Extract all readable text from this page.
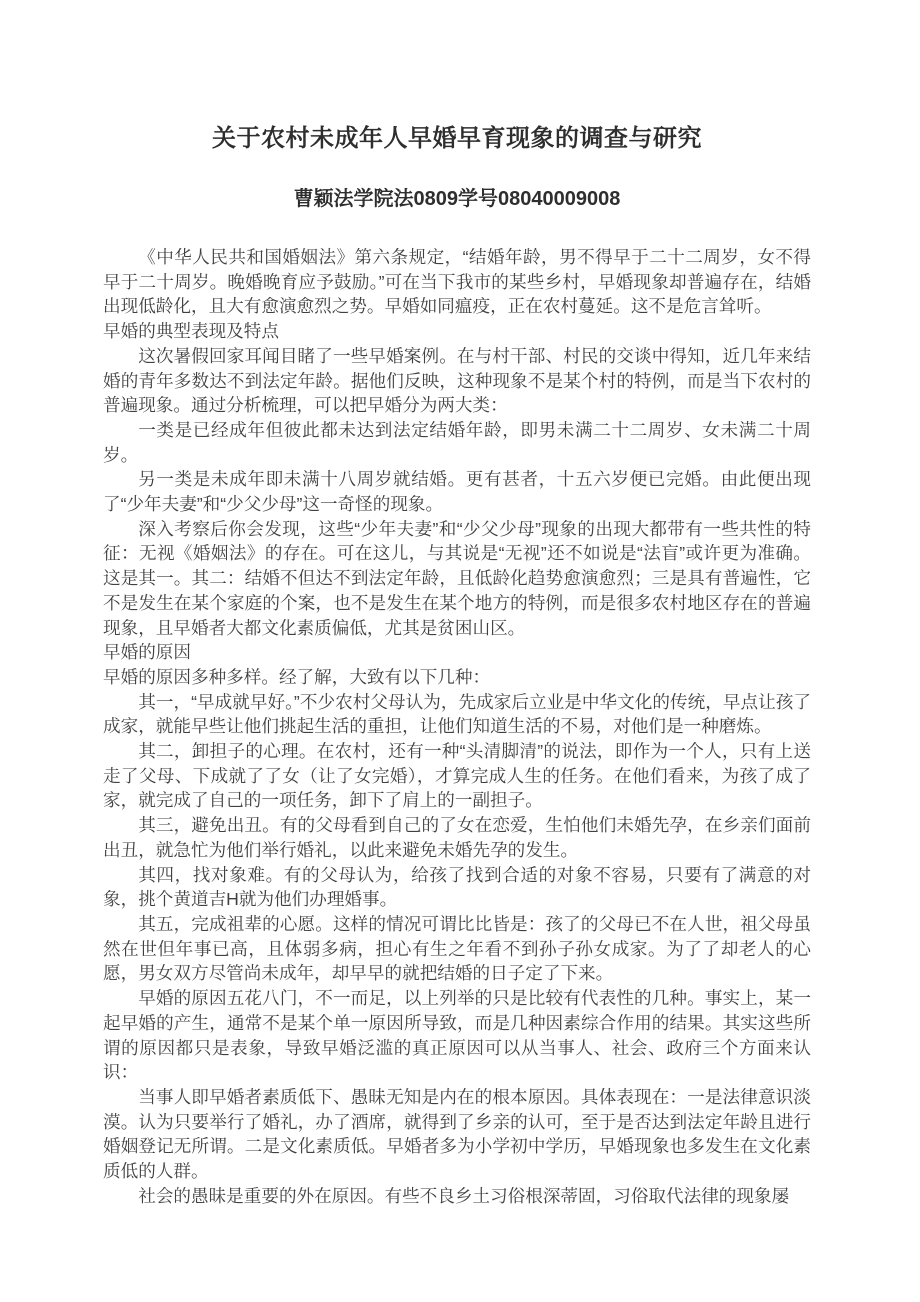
关于农村未成年人早婚早育现象的调查与研究
曹颖法学院法0809学号08040009008

《中华人民共和国婚姻法》第六条规定，“结婚年龄，男不得早于二十二周岁，女不得早于二十周岁。晚婚晚育应予鼓励。”可在当下我市的某些乡村，早婚现象却普遍存在，结婚出现低龄化，且大有愈演愈烈之势。早婚如同瘟疫，正在农村蔓延。这不是危言耸听。

早婚的典型表现及特点

这次暑假回家耳闻目睹了一些早婚案例。在与村干部、村民的交谈中得知，近几年来结婚的青年多数达不到法定年龄。据他们反映，这种现象不是某个村的特例，而是当下农村的普遍现象。通过分析梳理，可以把早婚分为两大类：

一类是已经成年但彼此都未达到法定结婚年龄，即男未满二十二周岁、女未满二十周岁。

另一类是未成年即未满十八周岁就结婚。更有甚者，十五六岁便已完婚。由此便出现了“少年夫妻”和“少父少母”这一奇怪的现象。

深入考察后你会发现，这些“少年夫妻”和“少父少母”现象的出现大都带有一些共性的特征：无视《婚姻法》的存在。可在这儿，与其说是“无视”还不如说是“法盲”或许更为准确。这是其一。其二：结婚不但达不到法定年龄，且低龄化趋势愈演愈烈；三是具有普遍性，它不是发生在某个家庭的个案，也不是发生在某个地方的特例，而是很多农村地区存在的普遍现象，且早婚者大都文化素质偏低，尤其是贫困山区。

早婚的原因

早婚的原因多种多样。经了解，大致有以下几种：

其一，“早成就早好。”不少农村父母认为，先成家后立业是中华文化的传统，早点让孩了成家，就能早些让他们挑起生活的重担，让他们知道生活的不易，对他们是一种磨炼。

其二，卸担子的心理。在农村，还有一种“头清脚清”的说法，即作为一个人，只有上送走了父母、下成就了了女（让了女完婚），才算完成人生的任务。在他们看来，为孩了成了家，就完成了自己的一项任务，卸下了肩上的一副担子。

其三，避免出丑。有的父母看到自己的了女在恋爱，生怕他们未婚先孕，在乡亲们面前出丑，就急忙为他们举行婚礼，以此来避免未婚先孕的发生。

其四，找对象难。有的父母认为，给孩了找到合适的对象不容易，只要有了满意的对象，挑个黄道吉H就为他们办理婚事。

其五，完成祖辈的心愿。这样的情况可谓比比皆是：孩了的父母已不在人世，祖父母虽然在世但年事已高，且体弱多病，担心有生之年看不到孙子孙女成家。为了了却老人的心愿，男女双方尽管尚未成年，却早早的就把结婚的日子定了下来。

早婚的原因五花八门，不一而足，以上列举的只是比较有代表性的几种。事实上，某一起早婚的产生，通常不是某个单一原因所导致，而是几种因素综合作用的结果。其实这些所谓的原因都只是表象，导致早婚泛滥的真正原因可以从当事人、社会、政府三个方面来认识：

当事人即早婚者素质低下、愚昧无知是内在的根本原因。具体表现在：一是法律意识淡漠。认为只要举行了婚礼，办了酒席，就得到了乡亲的认可，至于是否达到法定年龄且进行婚姻登记无所谓。二是文化素质低。早婚者多为小学初中学历，早婚现象也多发生在文化素质低的人群。

社会的愚昧是重要的外在原因。有些不良乡土习俗根深蒂固，习俗取代法律的现象屡
